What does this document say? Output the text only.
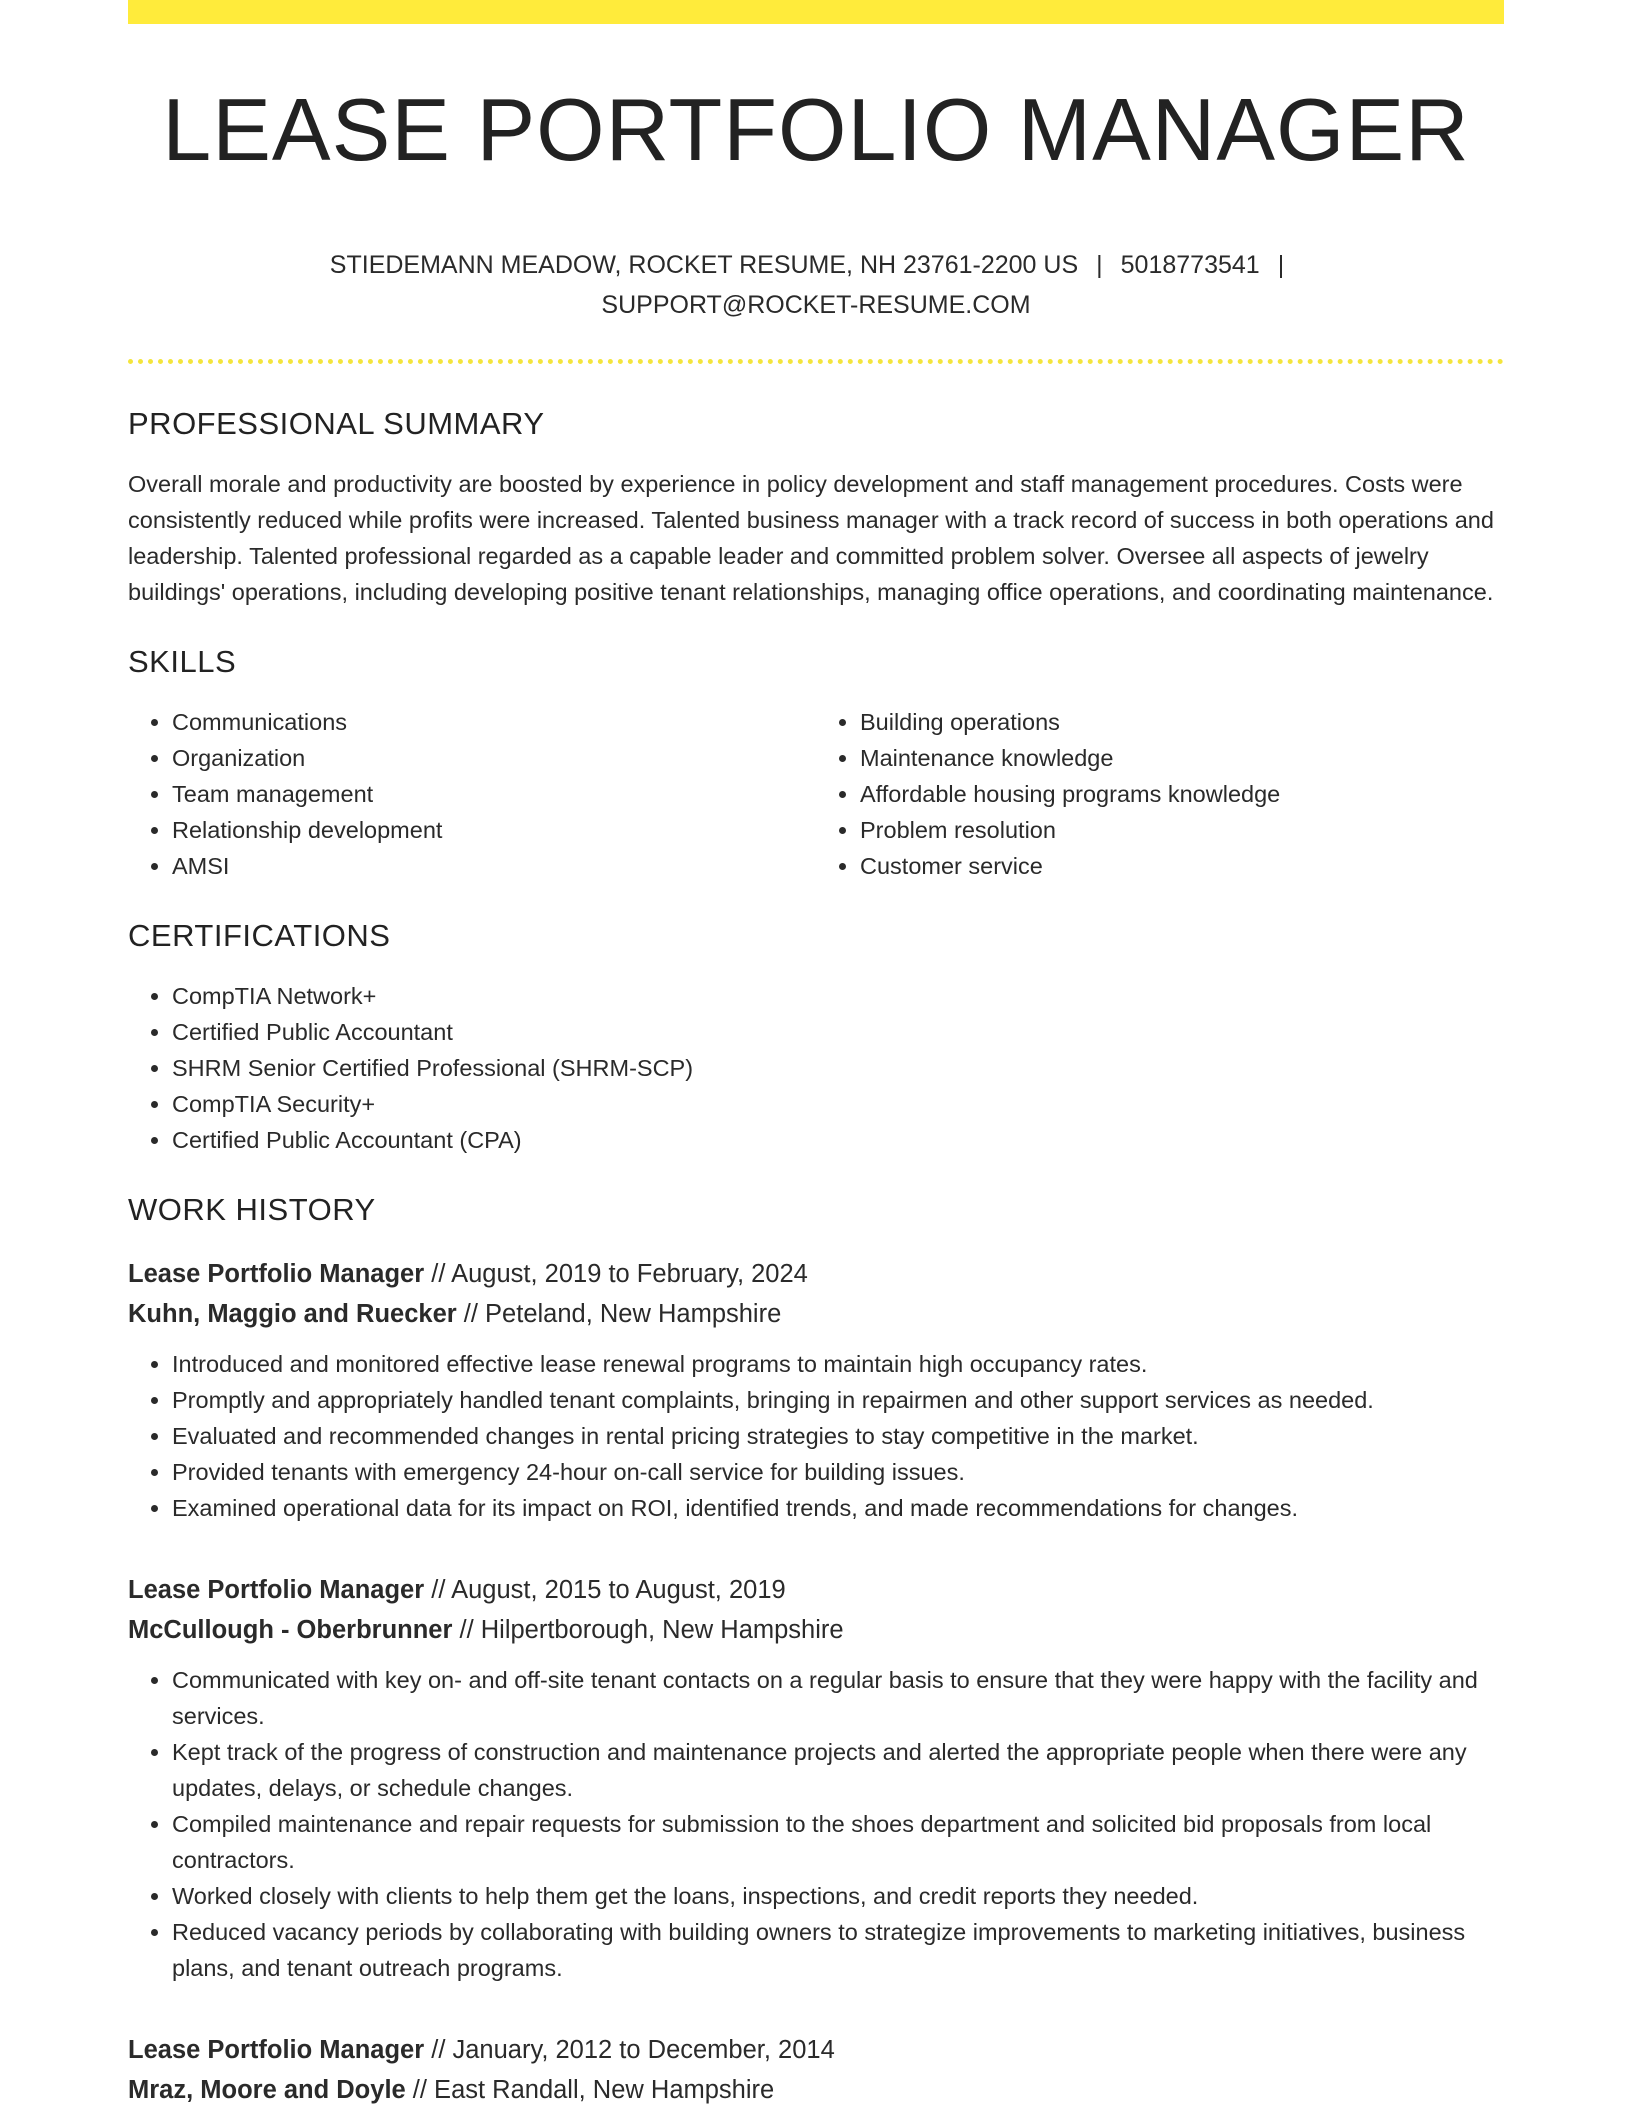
LEASE PORTFOLIO MANAGER
STIEDEMANN MEADOW, ROCKET RESUME, NH 23761-2200 US | 5018773541 |
SUPPORT@ROCKET-RESUME.COM
PROFESSIONAL SUMMARY

Overall morale and productivity are boosted by experience in policy development and staff management procedures. Costs were consistently reduced while profits were increased. Talented business manager with a track record of success in both operations and leadership. Talented professional regarded as a capable leader and committed problem solver. Oversee all aspects of jewelry buildings' operations, including developing positive tenant relationships, managing office operations, and coordinating maintenance.

SKILLS
• Communications
• Organization
• Team management
• Relationship development
• AMSI
• Building operations
• Maintenance knowledge
• Affordable housing programs knowledge
• Problem resolution
• Customer service
CERTIFICATIONS
• CompTIA Network+
• Certified Public Accountant
• SHRM Senior Certified Professional (SHRM-SCP)
• CompTIA Security+
• Certified Public Accountant (CPA)
WORK HISTORY

Lease Portfolio Manager // August, 2019 to February, 2024

Kuhn, Maggio and Ruecker // Peteland, New Hampshire

• Introduced and monitored effective lease renewal programs to maintain high occupancy rates.
• Promptly and appropriately handled tenant complaints, bringing in repairmen and other support services as needed.
• Evaluated and recommended changes in rental pricing strategies to stay competitive in the market.
• Provided tenants with emergency 24-hour on-call service for building issues.
• Examined operational data for its impact on ROI, identified trends, and made recommendations for changes.

Lease Portfolio Manager // August, 2015 to August, 2019

McCullough - Oberbrunner // Hilpertborough, New Hampshire

• Communicated with key on- and off-site tenant contacts on a regular basis to ensure that they were happy with the facility and services.
• Kept track of the progress of construction and maintenance projects and alerted the appropriate people when there were any updates, delays, or schedule changes.
• Compiled maintenance and repair requests for submission to the shoes department and solicited bid proposals from local contractors.
• Worked closely with clients to help them get the loans, inspections, and credit reports they needed.
• Reduced vacancy periods by collaborating with building owners to strategize improvements to marketing initiatives, business plans, and tenant outreach programs.

Lease Portfolio Manager // January, 2012 to December, 2014

Mraz, Moore and Doyle // East Randall, New Hampshire
